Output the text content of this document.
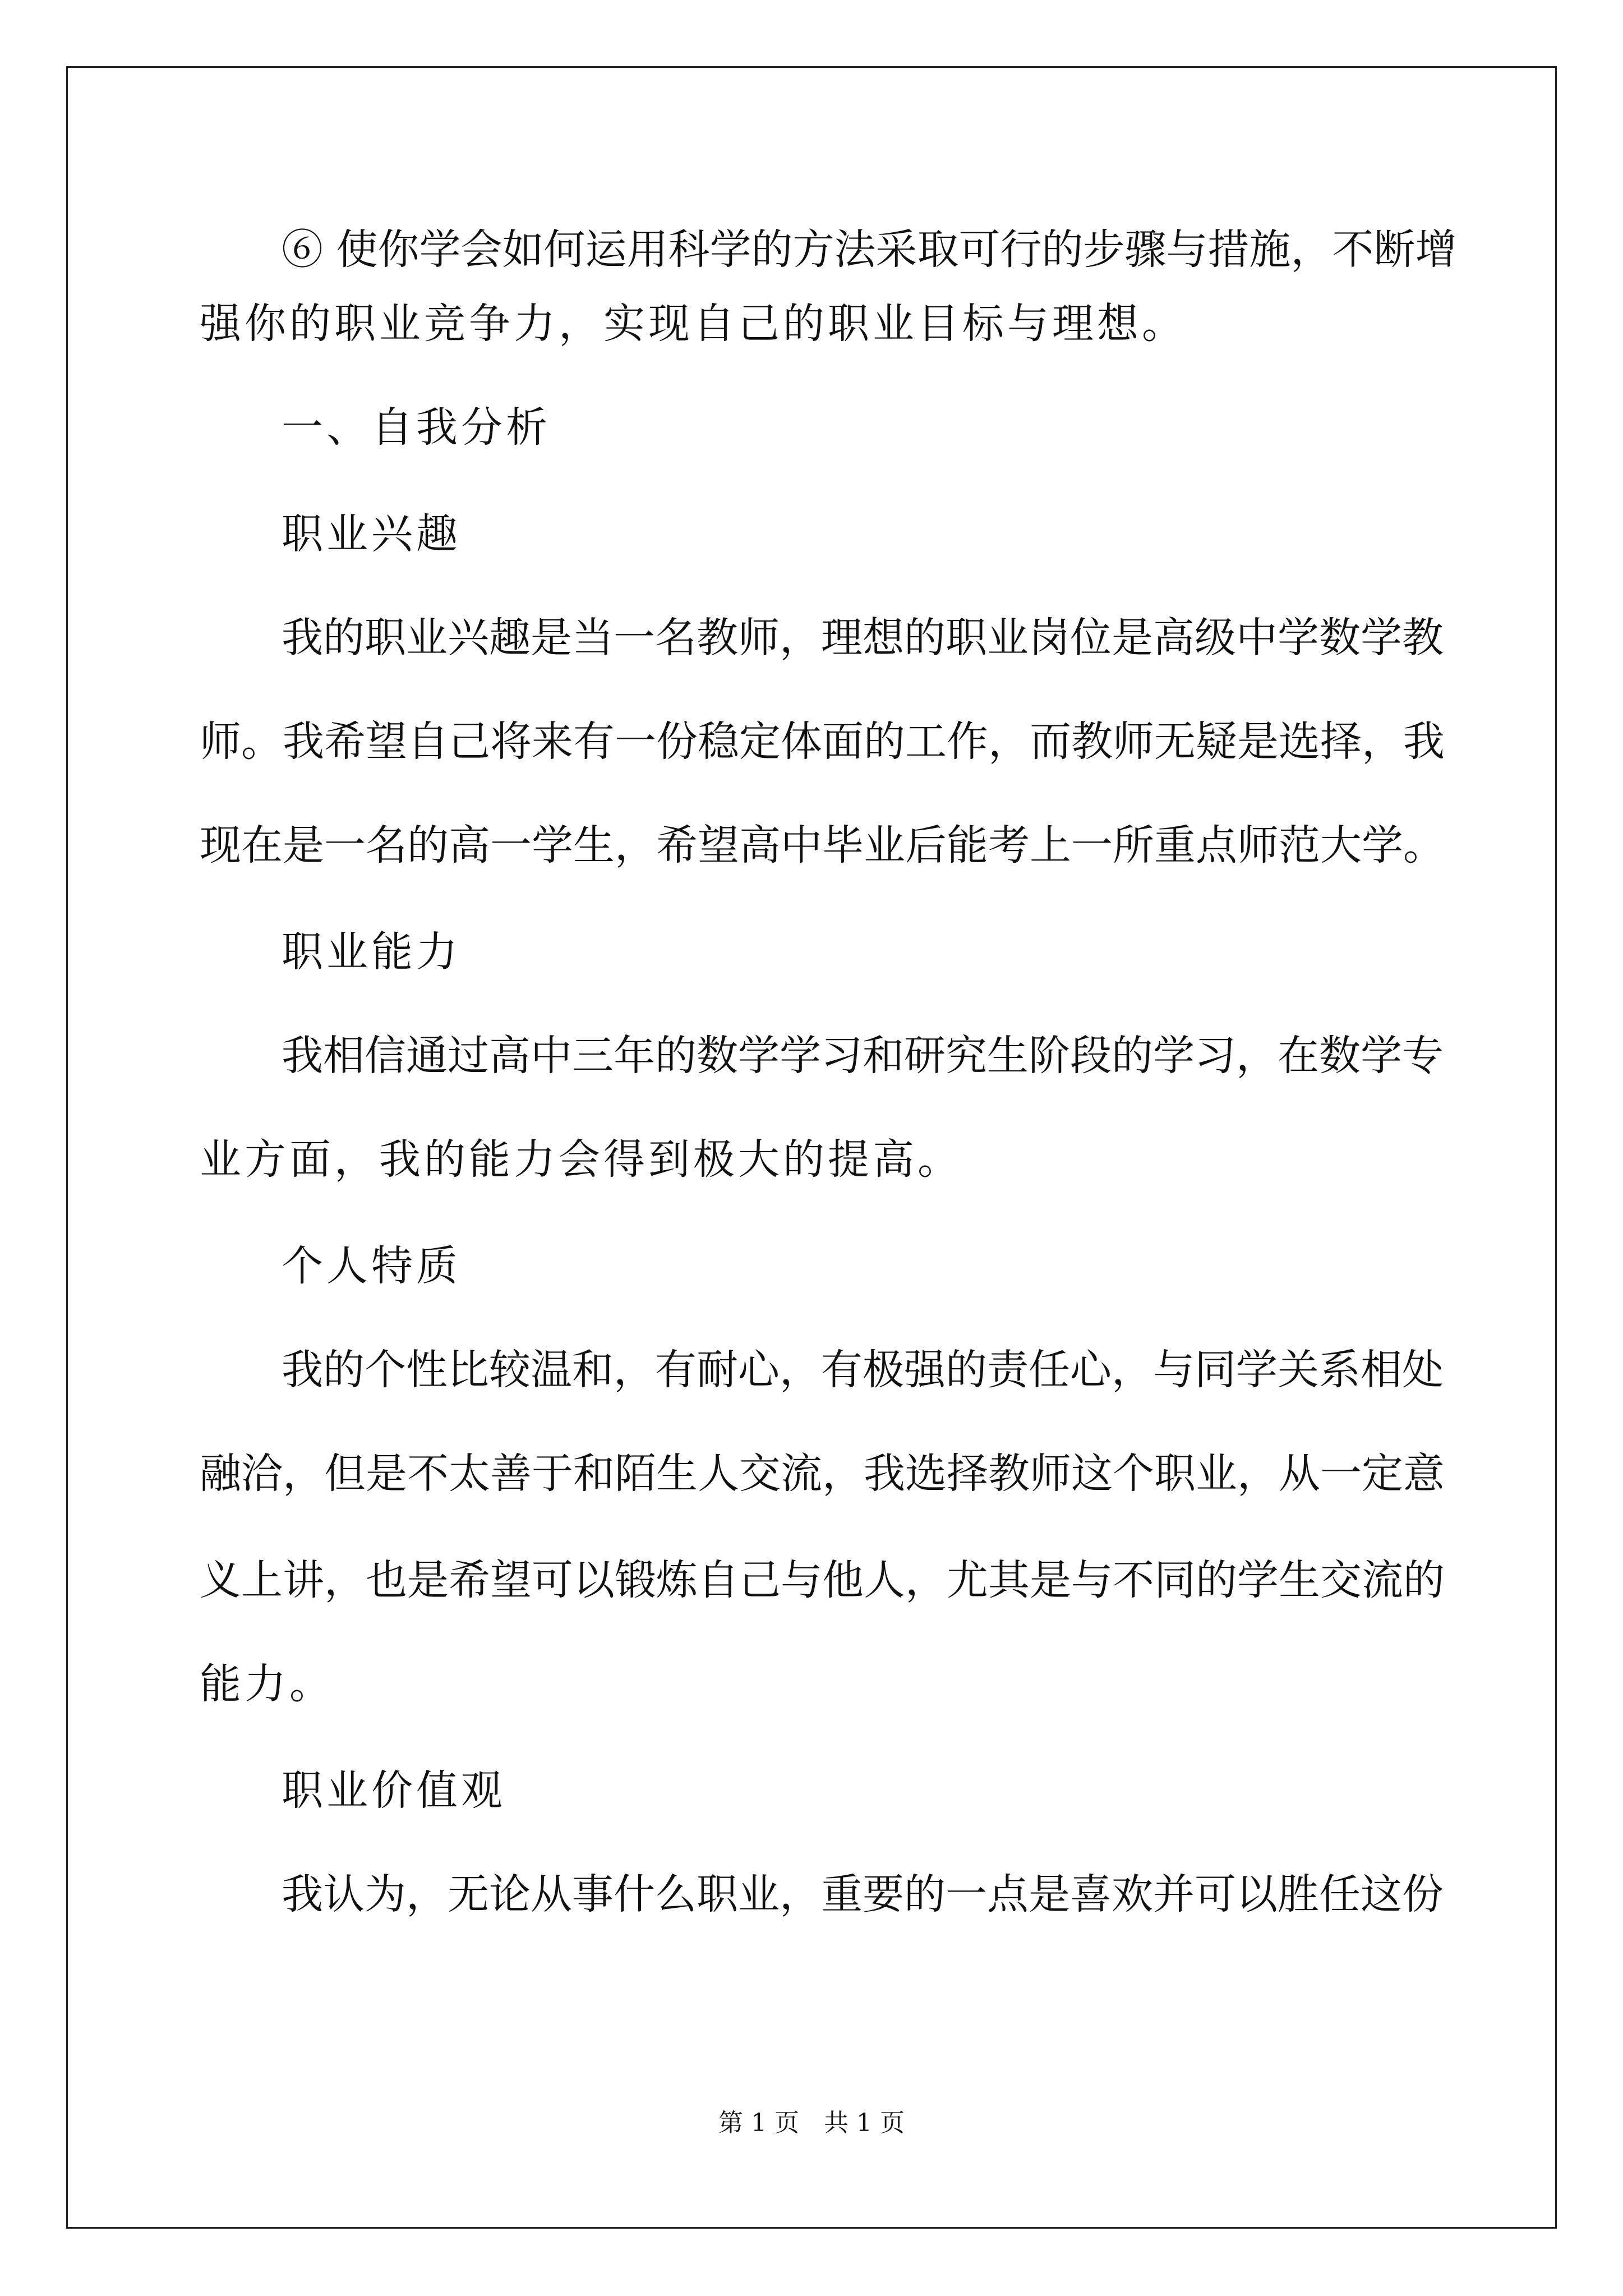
⑥ 使你学会如何运用科学的方法采取可行的步骤与措施，不断增
强你的职业竞争力，实现自己的职业目标与理想。
一、自我分析
职业兴趣
我的职业兴趣是当一名教师，理想的职业岗位是高级中学数学教
师。我希望自己将来有一份稳定体面的工作，而教师无疑是选择，我
现在是一名的高一学生，希望高中毕业后能考上一所重点师范大学。
职业能力
我相信通过高中三年的数学学习和研究生阶段的学习，在数学专
业方面，我的能力会得到极大的提高。
个人特质
我的个性比较温和，有耐心，有极强的责任心，与同学关系相处
融洽，但是不太善于和陌生人交流，我选择教师这个职业，从一定意
义上讲，也是希望可以锻炼自己与他人，尤其是与不同的学生交流的
能力。
职业价值观
我认为，无论从事什么职业，重要的一点是喜欢并可以胜任这份
第 1 页　共 1 页
